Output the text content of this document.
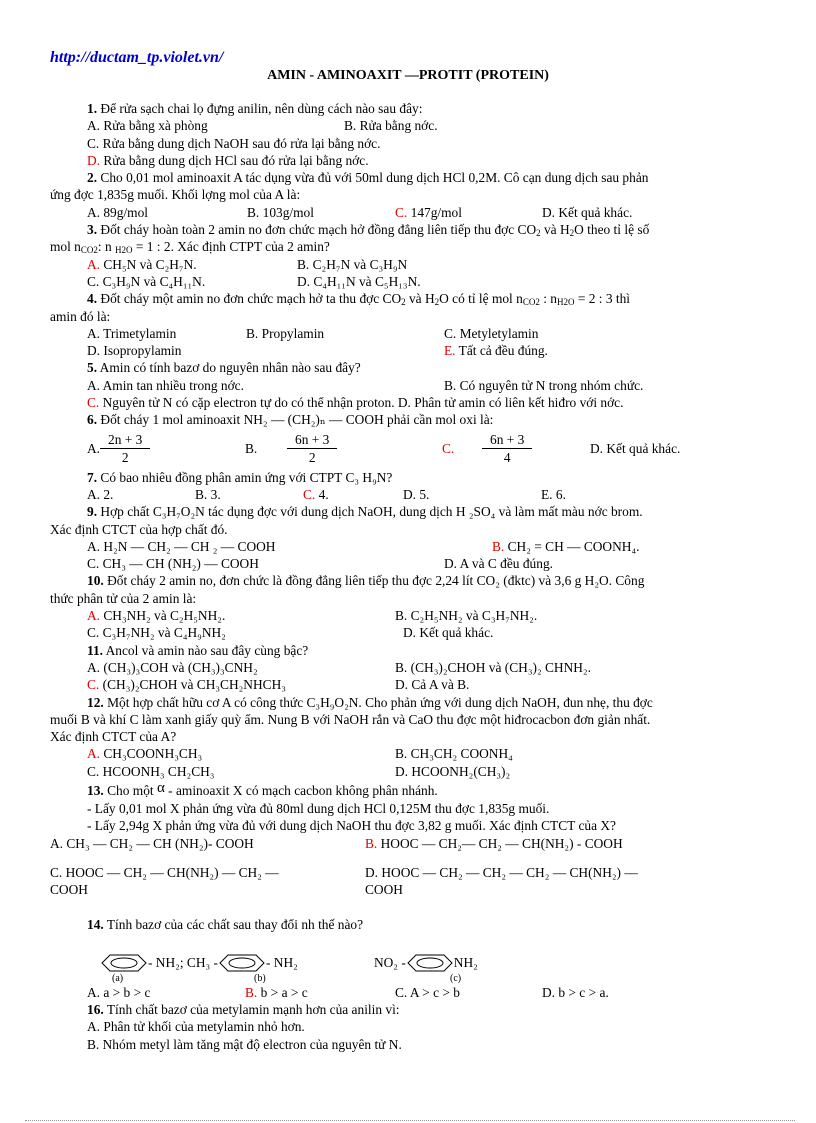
http://ductam_tp.violet.vn/
AMIN - AMINOAXIT —PROTIT (PROTEIN)
1. Để rửa sạch chai lọ đựng anilin, nên dùng cách nào sau đây:
A. Rửa bằng xà phòng	B. Rửa bằng nớc.
C. Rửa bằng dung dịch NaOH sau đó rửa lại bằng nớc.
D. Rửa bằng dung dịch HCl sau đó rửa lại bằng nớc.
2. Cho 0,01 mol aminoaxit A tác dụng vừa đủ với 50ml dung dịch HCl 0,2M. Cô cạn dung dịch sau phản
ứng đợc 1,835g muối. Khối lợng mol của A là:
A. 89g/mol	B. 103g/mol	C. 147g/mol	D. Kết quả khác.
3. Đốt cháy hoàn toàn 2 amin no đơn chức mạch hở đồng đẳng liên tiếp thu đợc $CO_2$ và $H_2O$ theo tỉ lệ số
mol $n_{CO2}$: n $_{H2O}$ = 1 : 2. Xác định CTPT của 2 amin?
A. CH₅N và C₂H₇N.	B. C₂H₇N và C₃H₉N
C. C₃H₉N và C₄H₁₁N.	D. C₄H₁₁N và C₅H₁₃N.
4. Đốt cháy một amin no đơn chức mạch hở ta thu đợc $CO_2$ và $H_2O$ có tỉ lệ mol $n_{CO2}$ : $n_{H2O} = 2$ : 3 thì
amin đó là:
A. Trimetylamin	B. Propylamin	C. Metyletylamin
D. Isopropylamin	E. Tất cả đều đúng.
5. Amin có tính bazơ do nguyên nhân nào sau đây?
A. Amin tan nhiều trong nớc.	B. Có nguyên tử N trong nhóm chức.
C. Nguyên tử N có cặp electron tự do có thể nhận proton. D. Phân tử amin có liên kết hiđro với nớc.
6. Đốt cháy 1 mol aminoaxit NH₂ — (CH₂)ₙ — COOH phải cần mol oxi là:
A. $\frac{2n + 3}{2}$	B.	$\frac{6n + 3}{2}$	C.	$\frac{6n + 3}{4}$	D. Kết quả khác.
7. Có bao nhiêu đồng phân amin ứng với CTPT C₃ H₉N?
A. 2.	B. 3.	C. 4.	D. 5.	E. 6.
9. Hợp chất C₃H₇O₂N tác dụng đợc với dung dịch NaOH, dung dịch H ₂SO₄ và làm mất màu nớc brom.
Xác định CTCT của hợp chất đó.
A. H₂N — CH₂ — CH ₂ — COOH	B. CH₂ = CH — COONH₄.
C. CH₃ — CH (NH₂) — COOH	D. A và C đều đúng.
10. Đốt cháy 2 amin no, đơn chức là đồng đẳng liên tiếp thu đợc 2,24 lít CO₂ (đktc) và 3,6 g H₂O. Công
thức phân tử của 2 amin là:
A. CH₃NH₂ và C₂H₅NH₂.	B. C₂H₅NH₂ và C₃H₇NH₂.
C. C₃H₇NH₂ và C₄H₉NH₂	D. Kết quả khác.
11. Ancol và amin nào sau đây cùng bậc?
A. (CH₃)₃COH và (CH₃)₃CNH₂	B. (CH₃)₂CHOH và (CH₃)₂ CHNH₂.
C. (CH₃)₂CHOH và CH₃CH₂NHCH₃	D. Cả A và B.
12. Một hợp chất hữu cơ A có công thức C₃H₉O₂N. Cho phản ứng với dung dịch NaOH, đun nhẹ, thu đợc
muối B và khí C làm xanh giấy quỳ ẩm. Nung B với NaOH rắn và CaO thu đợc một hiđrocacbon đơn giản nhất.
Xác định CTCT của A?
A. CH₃COONH₃CH₃	B. CH₃CH₂ COONH₄
C. HCOONH₃ CH₂CH₃	D. HCOONH₂(CH₃)₂
13. Cho một α - aminoaxit X có mạch cacbon không phân nhánh.
- Lấy 0,01 mol X phản ứng vừa đủ 80ml dung dịch HCl 0,125M thu đợc 1,835g muối.
- Lấy 2,94g X phản ứng vừa đủ với dung dịch NaOH thu đợc 3,82 g muối. Xác định CTCT của X?
A. CH₃ — CH₂ — CH (NH₂)- COOH	B. HOOC — CH₂— CH₂ — CH(NH₂) - COOH
C. HOOC — CH₂ — CH(NH₂) — CH₂ —
COOH
D. HOOC — CH₂ — CH₂ — CH₂ — CH(NH₂) —
COOH
14. Tính bazơ của các chất sau thay đổi nh thế nào?
- NH₂; CH₃ -	- NH₂	NO₂ -	NH₂
(a)	(b)	(c)
A. a > b > c	B. b > a > c	C. A > c > b	D. b > c > a.
16. Tính chất bazơ của metylamin mạnh hơn của anilin vì:
A. Phân tử khối của metylamin nhỏ hơn.
B. Nhóm metyl làm tăng mật độ electron của nguyên tử N.
